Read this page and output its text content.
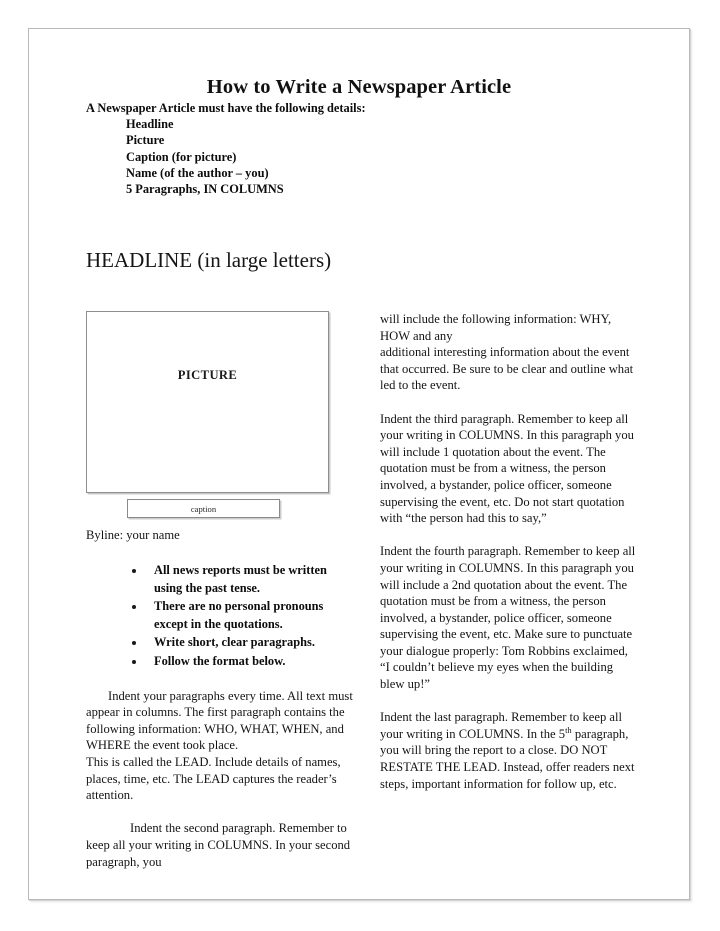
How to Write a Newspaper Article

A Newspaper Article must have the following details:

Headline
Picture
Caption (for picture)
Name (of the author – you)
5 Paragraphs, IN COLUMNS
HEADLINE (in large letters)
PICTURE
caption
Byline: your name
All news reports must be written using the past tense.
There are no personal pronouns except in the quotations.
Write short, clear paragraphs.
Follow the format below.

Indent your paragraphs every time. All text must appear in columns. The first paragraph contains the following information: WHO, WHAT, WHEN, and WHERE the event took place.

This is called the LEAD. Include details of names, places, time, etc. The LEAD captures the reader’s attention.

Indent the second paragraph. Remember to keep all your writing in COLUMNS. In your second paragraph, you

will include the following information: WHY, HOW and any

additional interesting information about the event that occurred. Be sure to be clear and outline what led to the event.

Indent the third paragraph. Remember to keep all your writing in COLUMNS. In this paragraph you will include 1 quotation about the event. The quotation must be from a witness, the person involved, a bystander, police officer, someone supervising the event, etc. Do not start quotation with “the person had this to say,”

Indent the fourth paragraph. Remember to keep all your writing in COLUMNS. In this paragraph you will include a 2nd quotation about the event. The quotation must be from a witness, the person involved, a bystander, police officer, someone supervising the event, etc. Make sure to punctuate your dialogue properly: Tom Robbins exclaimed, “I couldn’t believe my eyes when the building blew up!”

Indent the last paragraph. Remember to keep all your writing in COLUMNS. In the 5th paragraph, you will bring the report to a close. DO NOT RESTATE THE LEAD. Instead, offer readers next steps, important information for follow up, etc.
